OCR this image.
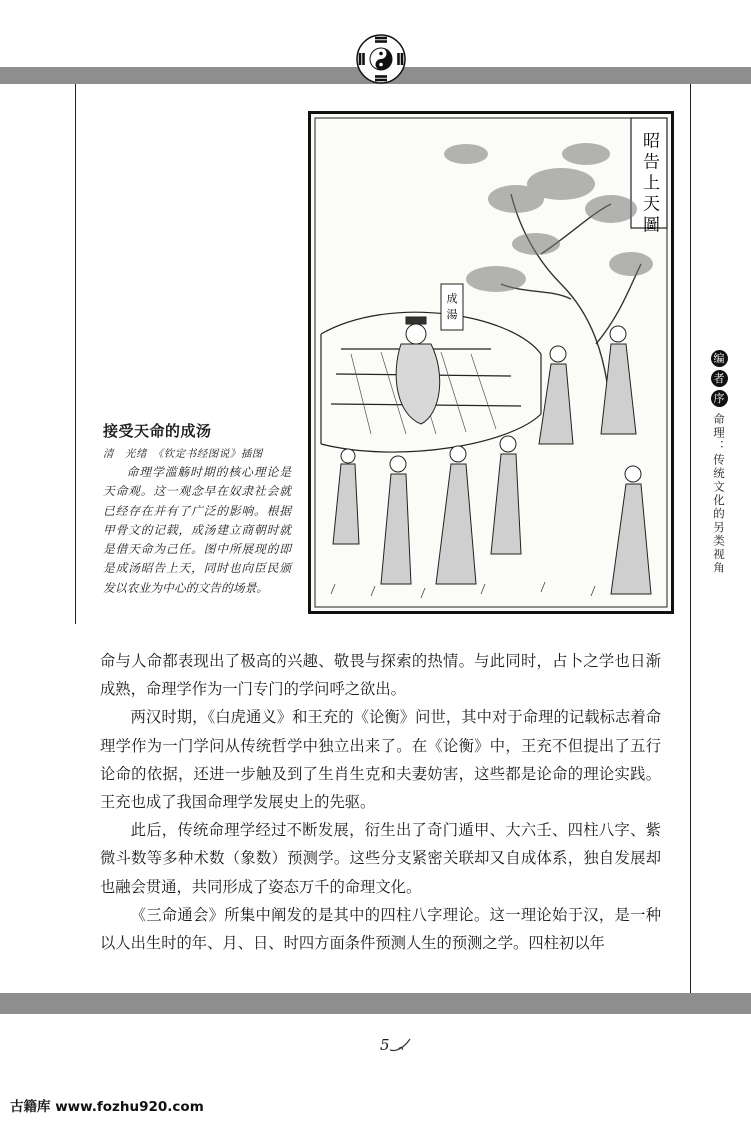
昭告上天圖
成湯
接受天命的成汤
清　光绪　《钦定书经图说》插图

命理学滥觞时期的核心理论是天命观。这一观念早在奴隶社会就已经存在并有了广泛的影响。根据甲骨文的记载，成汤建立商朝时就是借天命为己任。图中所展现的即是成汤昭告上天，同时也向臣民颁发以农业为中心的文告的场景。

编
者
序
命理：传统文化的另类视角

命与人命都表现出了极高的兴趣、敬畏与探索的热情。与此同时，占卜之学也日渐成熟，命理学作为一门专门的学问呼之欲出。

两汉时期，《白虎通义》和王充的《论衡》问世，其中对于命理的记载标志着命理学作为一门学问从传统哲学中独立出来了。在《论衡》中，王充不但提出了五行论命的依据，还进一步触及到了生肖生克和夫妻妨害，这些都是论命的理论实践。王充也成了我国命理学发展史上的先驱。

此后，传统命理学经过不断发展，衍生出了奇门遁甲、大六壬、四柱八字、紫微斗数等多种术数（象数）预测学。这些分支紧密关联却又自成体系，独自发展却也融会贯通，共同形成了姿态万千的命理文化。

《三命通会》所集中阐发的是其中的四柱八字理论。这一理论始于汉，是一种以人出生时的年、月、日、时四方面条件预测人生的预测之学。四柱初以年

5
古籍库 www.fozhu920.com
